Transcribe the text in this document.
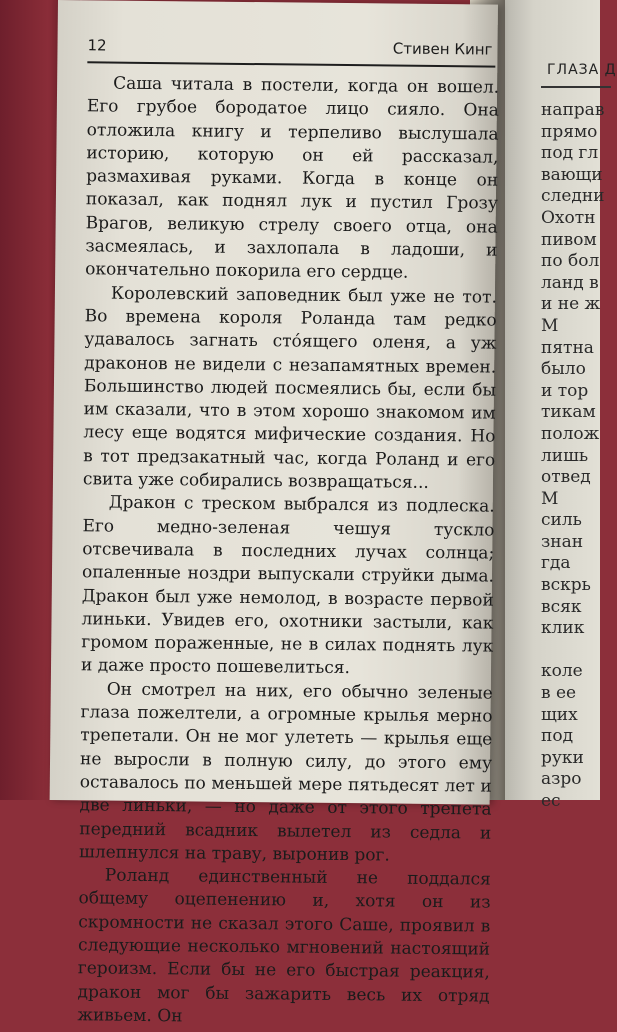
ГЛАЗА Д
направ
прямо
под гл
вающи
следни
Охотн
пивом
по бол
ланд в
и не ж
М
пятна
было
и тор
тикам
полож
лишь
отвед
М
силь
знан
гда
вскрь
всяк
клик

коле
в ее
щих
под
руки
азро
ес
12	Стивен Кинг

Саша читала в постели, когда он вошел. Его грубое бородатое лицо сияло. Она отложила книгу и терпеливо выслушала историю, которую он ей рассказал, размахивая руками. Когда в конце он показал, как поднял лук и пустил Грозу Врагов, великую стрелу своего отца, она засмеялась, и захлопала в ладоши, и окончательно покорила его сердце.

Королевский заповедник был уже не тот. Во времена короля Роланда там редко удавалось загнать сто́ящего оленя, а уж драконов не видели с незапамятных времен. Большинство людей посмеялись бы, если бы им сказали, что в этом хорошо знакомом им лесу еще водятся мифические создания. Но в тот предзакатный час, когда Роланд и его свита уже собирались возвращаться...

Дракон с треском выбрался из подлеска. Его медно-зеленая чешуя тускло отсвечивала в последних лучах солнца; опаленные ноздри выпускали струйки дыма. Дракон был уже немолод, в возрасте первой линьки. Увидев его, охотники застыли, как громом пораженные, не в силах поднять лук и даже просто пошевелиться.

Он смотрел на них, его обычно зеленые глаза пожелтели, а огромные крылья мерно трепетали. Он не мог улететь — крылья еще не выросли в полную силу, до этого ему оставалось по меньшей мере пятьдесят лет и две линьки, — но даже от этого трепета передний всадник вылетел из седла и шлепнулся на траву, выронив рог.

Роланд единственный не поддался общему оцепенению и, хотя он из скромности не сказал этого Саше, проявил в следующие несколько мгновений настоящий героизм. Если бы не его быстрая реакция, дракон мог бы зажарить весь их отряд живьем. Он
